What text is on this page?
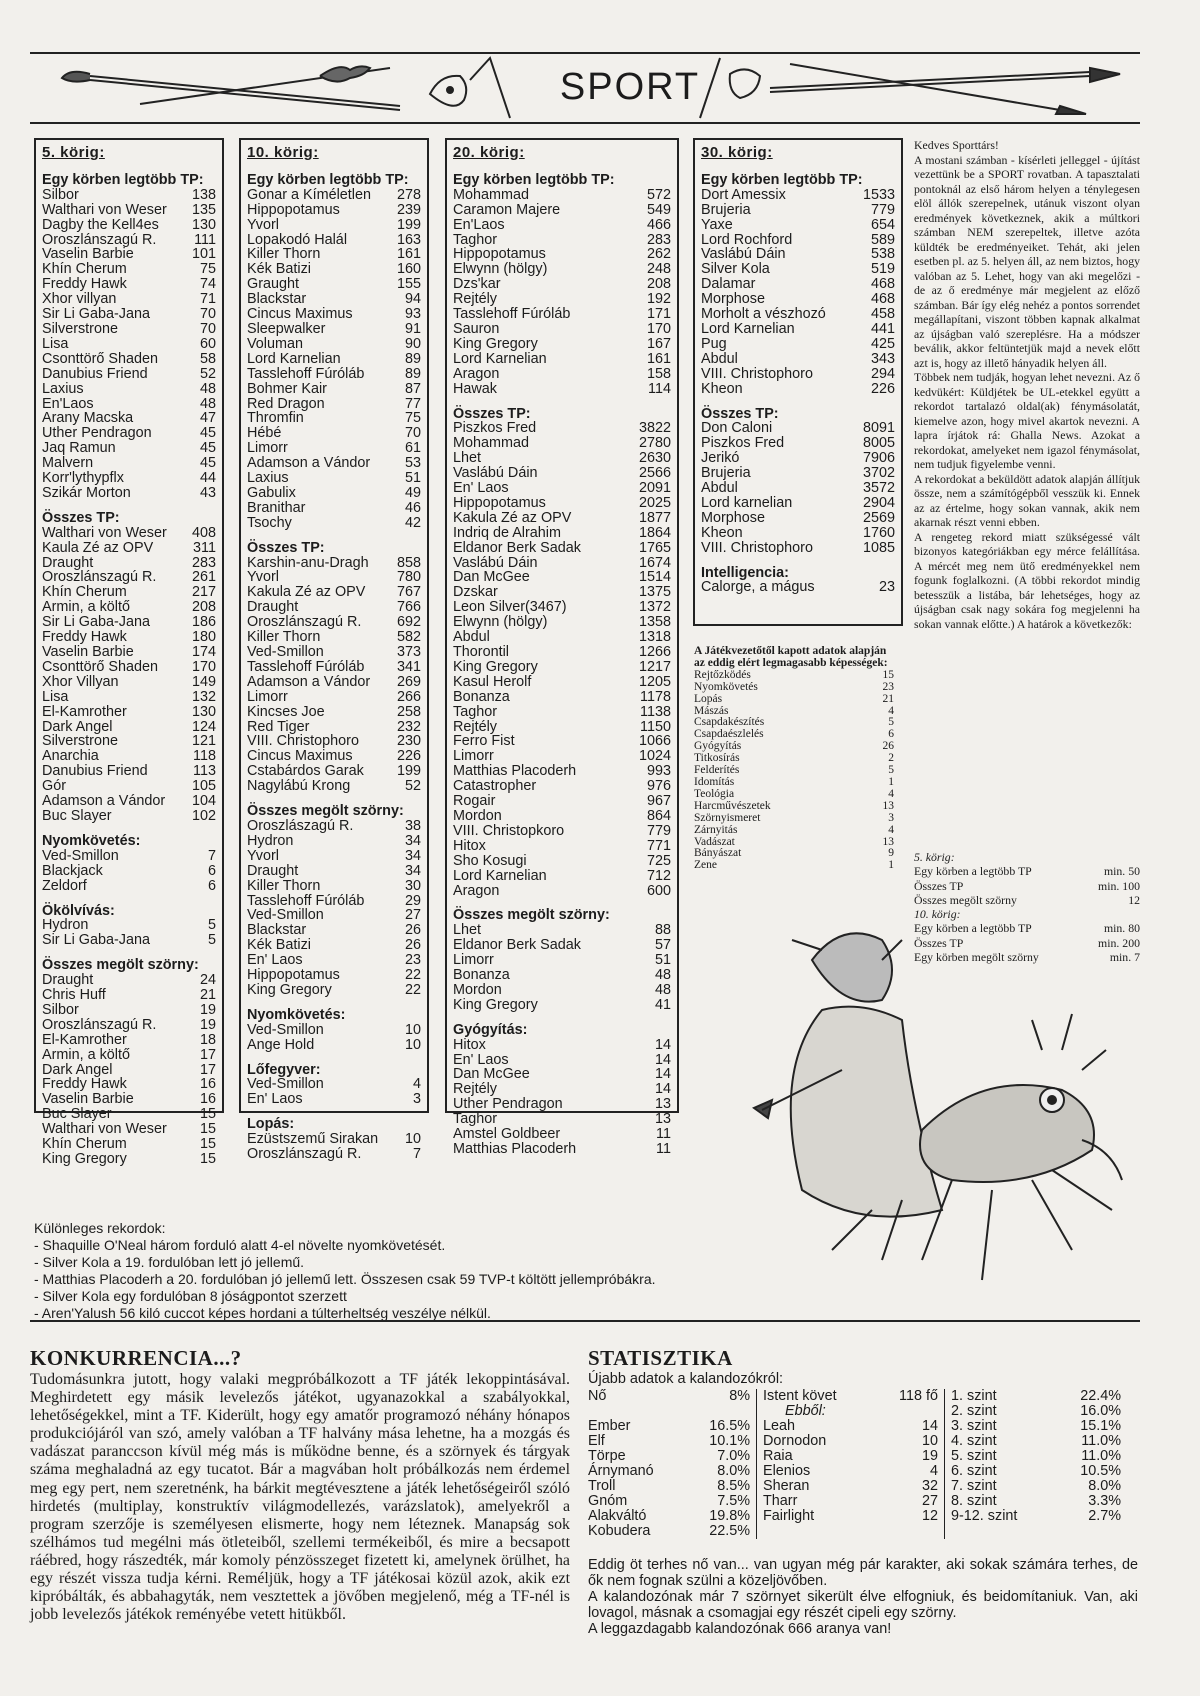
SPORT
5. körig:
Egy körben legtöbb TP:
Silbor	138
Walthari von Weser 135
Dagby the Kell4es 130
Oroszlánszagú R.	111
Vaselin Barbie	101
Khín Cherum	75
Freddy Hawk	74
Xhor villyan	71
Sir Li Gaba-Jana	70
Silverstrone	70
Lisa	60
Csonttörő Shaden	58
Danubius Friend	52
Laxius	48
En'Laos	48
Arany Macska	47
Uther Pendragon	45
Jaq Ramun	45
Malvern	45
Korr'lythypflx	44
Szikár Morton	43
Összes TP:
Walthari von Weser 408
Kaula Zé az OPV	311
Draught	283
Oroszlánszagú R. 261
Khín Cherum	217
Armin, a költő	208
Sir Li Gaba-Jana	186
Freddy Hawk	180
Vaselin Barbie	174
Csonttörő Shaden 170
Xhor Villyan	149
Lisa	132
El-Kamrother	130
Dark Angel	124
Silverstrone	121
Anarchia	118
Danubius Friend	113
Gór	105
Adamson a Vándor 104
Buc Slayer	102
Nyomkövetés:
Ved-Smillon	7
Blackjack	6
Zeldorf	6
Ökölvívás:
Hydron	5
Sir Li Gaba-Jana	5
Összes megölt szörny:
Draught	24
Chris Huff	21
Silbor	19
Oroszlánszagú R.	19
El-Kamrother	18
Armin, a költő	17
Dark Angel	17
Freddy Hawk	16
Vaselin Barbie	16
Buc Slayer	15
Walthari von Weser 15
Khín Cherum	15
King Gregory	15
10. körig:
Egy körben legtöbb TP:
Gonar a Kíméletlen 278
Hippopotamus	239
Yvorl	199
Lopakodó Halál	163
Killer Thorn	161
Kék Batizi	160
Graught	155
Blackstar	94
Cincus Maximus	93
Sleepwalker	91
Voluman	90
Lord Karnelian	89
Tasslehoff Fúróláb	89
Bohmer Kair	87
Red Dragon	77
Thromfin	75
Hébé	70
Limorr	61
Adamson a Vándor 53
Laxius	51
Gabulix	49
Branithar	46
Tsochy	42
Összes TP:
Karshin-anu-Dragh 858
Yvorl	780
Kakula Zé az OPV 767
Draught	766
Oroszlánszagú R. 692
Killer Thorn	582
Ved-Smillon	373
Tasslehoff Fúróláb 341
Adamson a Vándor 269
Limorr	266
Kincses Joe	258
Red Tiger	232
VIII. Christophoro	230
Cincus Maximus	226
Cstabárdos Garak 199
Nagylábú Krong	52
Összes megölt szörny:
Oroszlászagú R.	38
Hydron	34
Yvorl	34
Draught	34
Killer Thorn	30
Tasslehoff Fúróláb	29
Ved-Smillon	27
Blackstar	26
Kék Batizi	26
En' Laos	23
Hippopotamus	22
King Gregory	22
Nyomkövetés:
Ved-Smillon	10
Ange Hold	10
Lőfegyver:
Ved-Smillon	4
En' Laos	3
Lopás:
Ezüstszemű Sirakan 10
Oroszlánszagú R.	7
20. körig:
Egy körben legtöbb TP:
Mohammad	572
Caramon Majere	549
En'Laos	466
Taghor	283
Hippopotamus	262
Elwynn (hölgy)	248
Dzs'kar	208
Rejtély	192
Tasslehoff Fúróláb	171
Sauron	170
King Gregory	167
Lord Karnelian	161
Aragon	158
Hawak	114
Összes TP:
Piszkos Fred	3822
Mohammad	2780
Lhet	2630
Vaslábú Dáin	2566
En' Laos	2091
Hippopotamus	2025
Kakula Zé az OPV	1877
Indriq de Alrahim	1864
Eldanor Berk Sadak	1765
Vaslábú Dáin	1674
Dan McGee	1514
Dzskar	1375
Leon Silver(3467)	1372
Elwynn (hölgy)	1358
Abdul	1318
Thorontil	1266
King Gregory	1217
Kasul Herolf	1205
Bonanza	1178
Taghor	1138
Rejtély	1150
Ferro Fist	1066
Limorr	1024
Matthias Placoderh	993
Catastropher	976
Rogair	967
Mordon	864
VIII. Christopkoro	779
Hitox	771
Sho Kosugi	725
Lord Karnelian	712
Aragon	600
Összes megölt szörny:
Lhet	88
Eldanor Berk Sadak	57
Limorr	51
Bonanza	48
Mordon	48
King Gregory	41
Gyógyítás:
Hitox	14
En' Laos	14
Dan McGee	14
Rejtély	14
Uther Pendragon	13
Taghor	13
Amstel Goldbeer	11
Matthias Placoderh	11
30. körig:
Egy körben legtöbb TP:
Dort Amessix	1533
Brujeria	779
Yaxe	654
Lord Rochford	589
Vaslábú Dáin	538
Silver Kola	519
Dalamar	468
Morphose	468
Morholt a vészhozó	458
Lord Karnelian	441
Pug	425
Abdul	343
VIII. Christophoro	294
Kheon	226
Összes TP:
Don Caloni	8091
Piszkos Fred	8005
Jerikó	7906
Brujeria	3702
Abdul	3572
Lord karnelian	2904
Morphose	2569
Kheon	1760
VIII. Christophoro	1085
Intelligencia:
Calorge, a mágus	23
A Játékvezetőtől kapott adatok alapján az eddig elért legmagasabb képességek:
Rejtőzködés	15
Nyomkövetés	23
Lopás	21
Mászás	4
Csapdakészítés	5
Csapdaészlelés	6
Gyógyítás	26
Titkosírás	2
Felderítés	5
Idomítás	1
Teológia	4
Harcművészetek	13
Szörnyismeret	3
Zárnyitás	4
Vadászat	13
Bányászat	9
Zene	1

Kedves Sporttárs!

A mostani számban - kísérleti jelleggel - újítást vezettünk be a SPORT rovatban. A tapasztalati pontoknál az első három helyen a ténylegesen elöl állók szerepelnek, utánuk viszont olyan eredmények következnek, akik a múltkori számban NEM szerepeltek, illetve azóta küldték be eredményeiket. Tehát, aki jelen esetben pl. az 5. helyen áll, az nem biztos, hogy valóban az 5. Lehet, hogy van aki megelőzi - de az ő eredménye már megjelent az előző számban. Bár így elég nehéz a pontos sorrendet megállapítani, viszont többen kapnak alkalmat az újságban való szereplésre. Ha a módszer beválik, akkor feltüntetjük majd a nevek előtt azt is, hogy az illető hányadik helyen áll.

Többek nem tudják, hogyan lehet nevezni. Az ő kedvükért: Küldjétek be UL-etekkel együtt a rekordot tartalazó oldal(ak) fénymásolatát, kiemelve azon, hogy mivel akartok nevezni. A lapra írjátok rá: Ghalla News. Azokat a rekordokat, amelyeket nem igazol fénymásolat, nem tudjuk figyelembe venni.

A rekordokat a beküldött adatok alapján állítjuk össze, nem a számítógépből vesszük ki. Ennek az az értelme, hogy sokan vannak, akik nem akarnak részt venni ebben.

A rengeteg rekord miatt szükségessé vált bizonyos kategóriákban egy mérce felállítása. A mércét meg nem ütő eredményekkel nem fogunk foglalkozni. (A többi rekordot mindig betesszük a listába, bár lehetséges, hogy az újságban csak nagy sokára fog megjelenni ha sokan vannak előtte.) A határok a következők:

5. körig:
Egy körben a legtöbb TP	min. 50
Összes TP	min. 100
Összes megölt szörny	12
10. körig:
Egy körben a legtöbb TP	min. 80
Összes TP	min. 200
Egy körben megölt szörny	min. 7
Különleges rekordok:
- Shaquille O'Neal három forduló alatt 4-el növelte nyomkövetését.
- Silver Kola a 19. fordulóban lett jó jellemű.
- Matthias Placoderh a 20. fordulóban jó jellemű lett. Összesen csak 59 TVP-t költött jellempróbákra.
- Silver Kola egy fordulóban 8 jóságpontot szerzett
- Aren'Yalush 56 kiló cuccot képes hordani a túlterheltség veszélye nélkül.
KONKURRENCIA...?

Tudomásunkra jutott, hogy valaki megpróbálkozott a TF játék lekoppintásával. Meghirdetett egy másik levelezős játékot, ugyanazokkal a szabályokkal, lehetőségekkel, mint a TF. Kiderült, hogy egy amatőr programozó néhány hónapos produkciójáról van szó, amely valóban a TF halvány mása lehetne, ha a mozgás és vadászat paranccson kívül még más is működne benne, és a szörnyek és tárgyak száma meghaladná az egy tucatot. Bár a magvában holt próbálkozás nem érdemel meg egy pert, nem szeretnénk, ha bárkit megtévesztene a játék lehetőségeiről szóló hirdetés (multiplay, konstruktív világmodellezés, varázslatok), amelyekről a program szerzője is személyesen elismerte, hogy nem léteznek. Manapság sok szélhámos tud megélni más ötleteiből, szellemi termékeiből, és mire a becsapott ráébred, hogy rászedték, már komoly pénzösszeget fizetett ki, amelynek örülhet, ha egy részét vissza tudja kérni. Reméljük, hogy a TF játékosai közül azok, akik ezt kipróbálták, és abbahagyták, nem vesztettek a jövőben megjelenő, még a TF-nél is jobb levelezős játékok reményébe vetett hitükből.

STATISZTIKA
Újabb adatok a kalandozókról:
Nő	8%
Ember	16.5%
Elf	10.1%
Törpe	7.0%
Árnymanó	8.0%
Troll	8.5%
Gnóm	7.5%
Alakváltó	19.8%
Kobudera	22.5%
Istent követ	118 fő
Ebből:
Leah	14
Dornodon	10
Raia	19
Elenios	4
Sheran	32
Tharr	27
Fairlight	12
1. szint	22.4%
2. szint	16.0%
3. szint	15.1%
4. szint	11.0%
5. szint	11.0%
6. szint	10.5%
7. szint	8.0%
8. szint	3.3%
9-12. szint	2.7%

Eddig öt terhes nő van... van ugyan még pár karakter, aki sokak számára terhes, de ők nem fognak szülni a közeljövőben.

A kalandozónak már 7 szörnyet sikerült élve elfogniuk, és beidomítaniuk. Van, aki lovagol, másnak a csomagjai egy részét cipeli egy szörny.

A leggazdagabb kalandozónak 666 aranya van!
